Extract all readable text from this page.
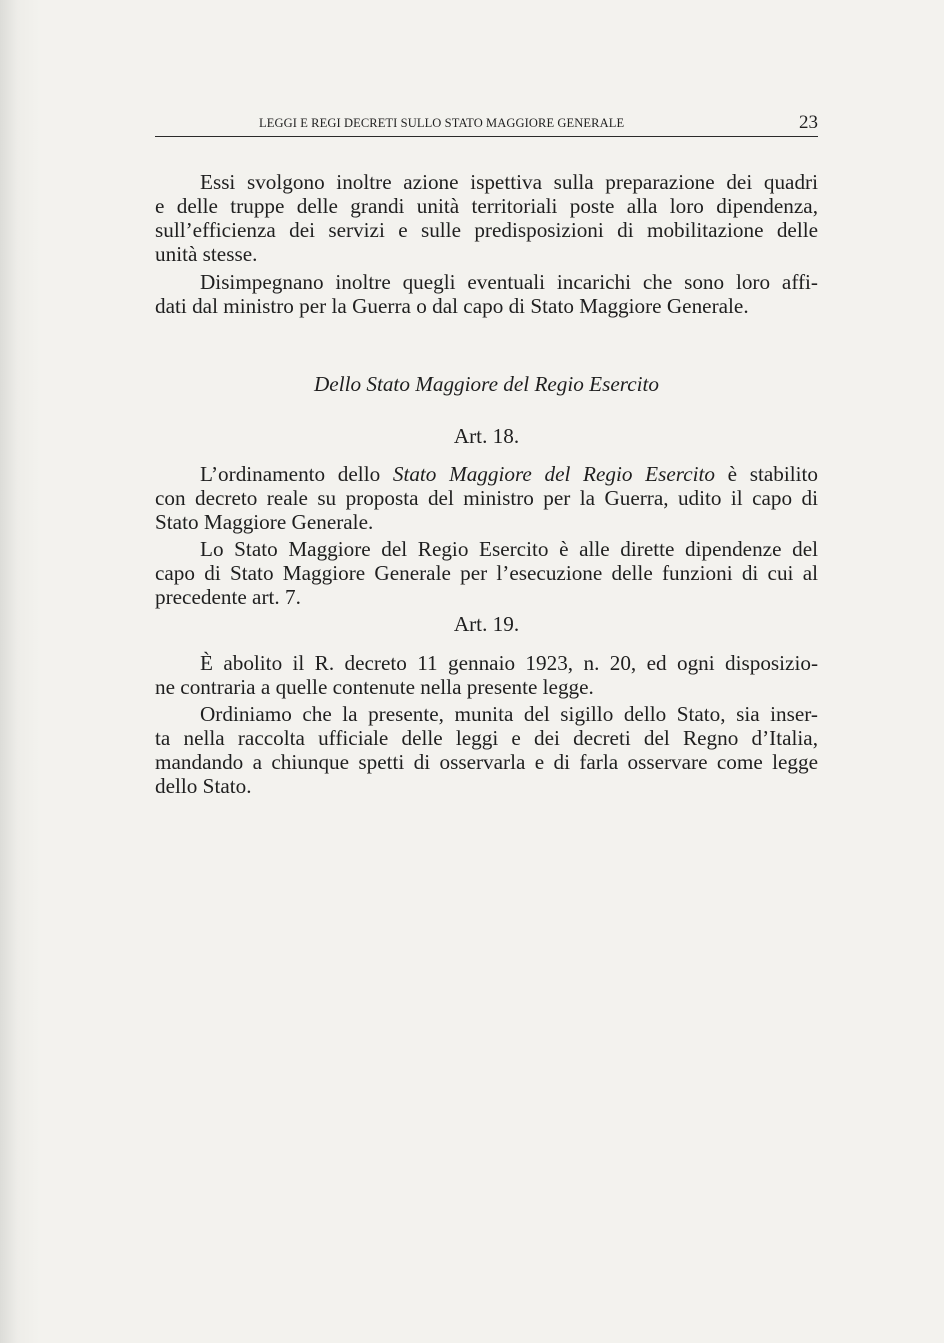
LEGGI E REGI DECRETI SULLO STATO MAGGIORE GENERALE	23
Essi svolgono inoltre azione ispettiva sulla preparazione dei quadri
e delle truppe delle grandi unità territoriali poste alla loro dipendenza,
sull’efficienza dei servizi e sulle predisposizioni di mobilitazione delle
unità stesse.
Disimpegnano inoltre quegli eventuali incarichi che sono loro affi-
dati dal ministro per la Guerra o dal capo di Stato Maggiore Generale.
Dello Stato Maggiore del Regio Esercito
Art. 18.
L’ordinamento dello Stato Maggiore del Regio Esercito è stabilito
con decreto reale su proposta del ministro per la Guerra, udito il capo di
Stato Maggiore Generale.
Lo Stato Maggiore del Regio Esercito è alle dirette dipendenze del
capo di Stato Maggiore Generale per l’esecuzione delle funzioni di cui al
precedente art. 7.
Art. 19.
È abolito il R. decreto 11 gennaio 1923, n. 20, ed ogni disposizio-
ne contraria a quelle contenute nella presente legge.
Ordiniamo che la presente, munita del sigillo dello Stato, sia inser-
ta nella raccolta ufficiale delle leggi e dei decreti del Regno d’Italia,
mandando a chiunque spetti di osservarla e di farla osservare come legge
dello Stato.
